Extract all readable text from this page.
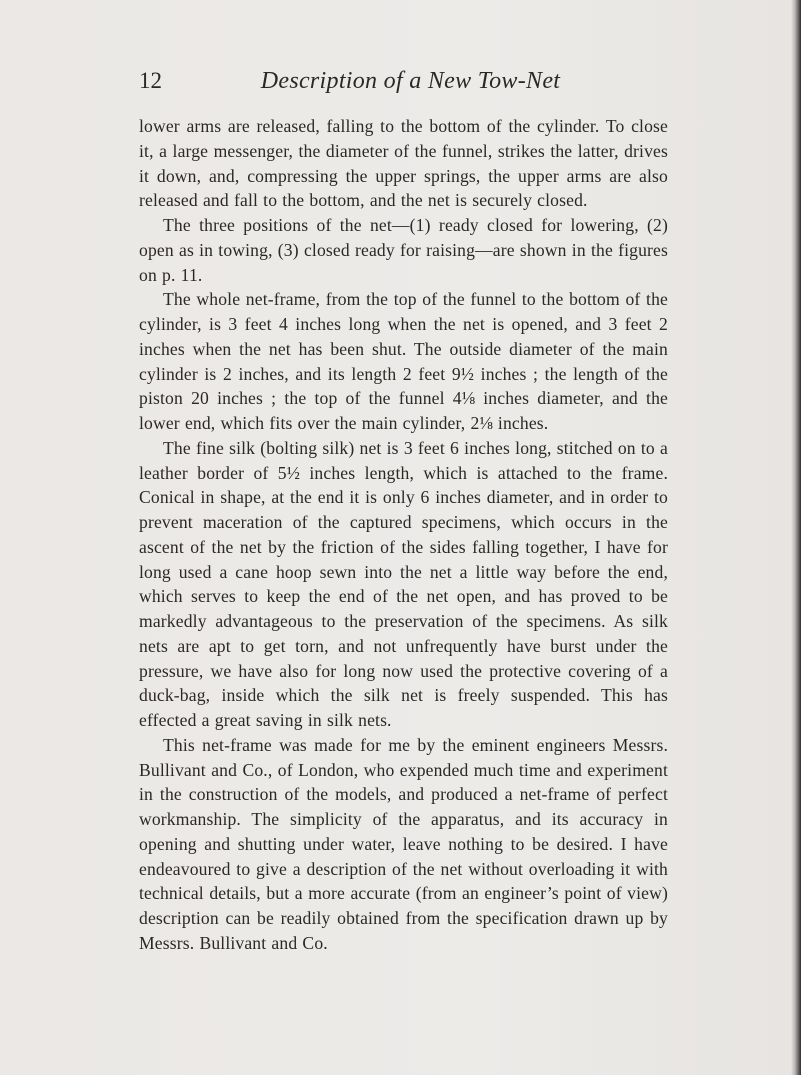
12	Description of a New Tow-Net

lower arms are released, falling to the bottom of the cylinder. To close it, a large messenger, the diameter of the funnel, strikes the latter, drives it down, and, compressing the upper springs, the upper arms are also released and fall to the bottom, and the net is securely closed.

The three positions of the net—(1) ready closed for lowering, (2) open as in towing, (3) closed ready for raising—are shown in the figures on p. 11.

The whole net-frame, from the top of the funnel to the bottom of the cylinder, is 3 feet 4 inches long when the net is opened, and 3 feet 2 inches when the net has been shut. The outside diameter of the main cylinder is 2 inches, and its length 2 feet 9½ inches ; the length of the piston 20 inches ; the top of the funnel 4⅛ inches diameter, and the lower end, which fits over the main cylinder, 2⅛ inches.

The fine silk (bolting silk) net is 3 feet 6 inches long, stitched on to a leather border of 5½ inches length, which is attached to the frame. Conical in shape, at the end it is only 6 inches diameter, and in order to prevent maceration of the captured specimens, which occurs in the ascent of the net by the friction of the sides falling together, I have for long used a cane hoop sewn into the net a little way before the end, which serves to keep the end of the net open, and has proved to be markedly advantageous to the preservation of the specimens. As silk nets are apt to get torn, and not unfrequently have burst under the pressure, we have also for long now used the protective covering of a duck-bag, inside which the silk net is freely suspended. This has effected a great saving in silk nets.

This net-frame was made for me by the eminent engineers Messrs. Bullivant and Co., of London, who expended much time and experiment in the construction of the models, and produced a net-frame of perfect workmanship. The simplicity of the apparatus, and its accuracy in opening and shutting under water, leave nothing to be desired. I have endeavoured to give a description of the net without overloading it with technical details, but a more accurate (from an engineer’s point of view) description can be readily obtained from the specification drawn up by Messrs. Bullivant and Co.
